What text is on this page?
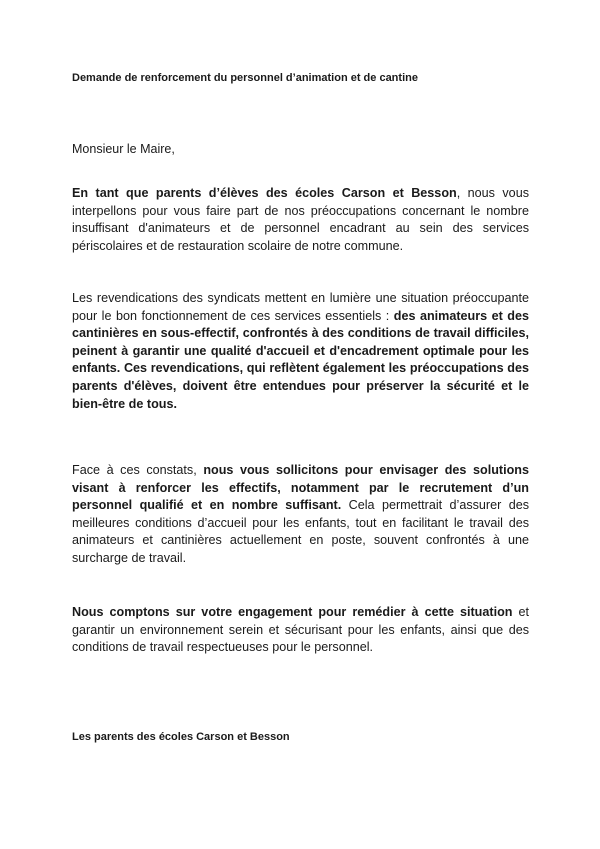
Demande de renforcement du personnel d’animation et de cantine
Monsieur le Maire,

En tant que parents d’élèves des écoles Carson et Besson, nous vous interpellons pour vous faire part de nos préoccupations concernant le nombre insuffisant d'animateurs et de personnel encadrant au sein des services périscolaires et de restauration scolaire de notre commune.

Les revendications des syndicats mettent en lumière une situation préoccupante pour le bon fonctionnement de ces services essentiels : des animateurs et des cantinières en sous-effectif, confrontés à des conditions de travail difficiles, peinent à garantir une qualité d'accueil et d'encadrement optimale pour les enfants. Ces revendications, qui reflètent également les préoccupations des parents d'élèves, doivent être entendues pour préserver la sécurité et le bien-être de tous.

Face à ces constats, nous vous sollicitons pour envisager des solutions visant à renforcer les effectifs, notamment par le recrutement d’un personnel qualifié et en nombre suffisant. Cela permettrait d’assurer des meilleures conditions d’accueil pour les enfants, tout en facilitant le travail des animateurs et cantinières actuellement en poste, souvent confrontés à une surcharge de travail.

Nous comptons sur votre engagement pour remédier à cette situation et garantir un environnement serein et sécurisant pour les enfants, ainsi que des conditions de travail respectueuses pour le personnel.

Les parents des écoles Carson et Besson
